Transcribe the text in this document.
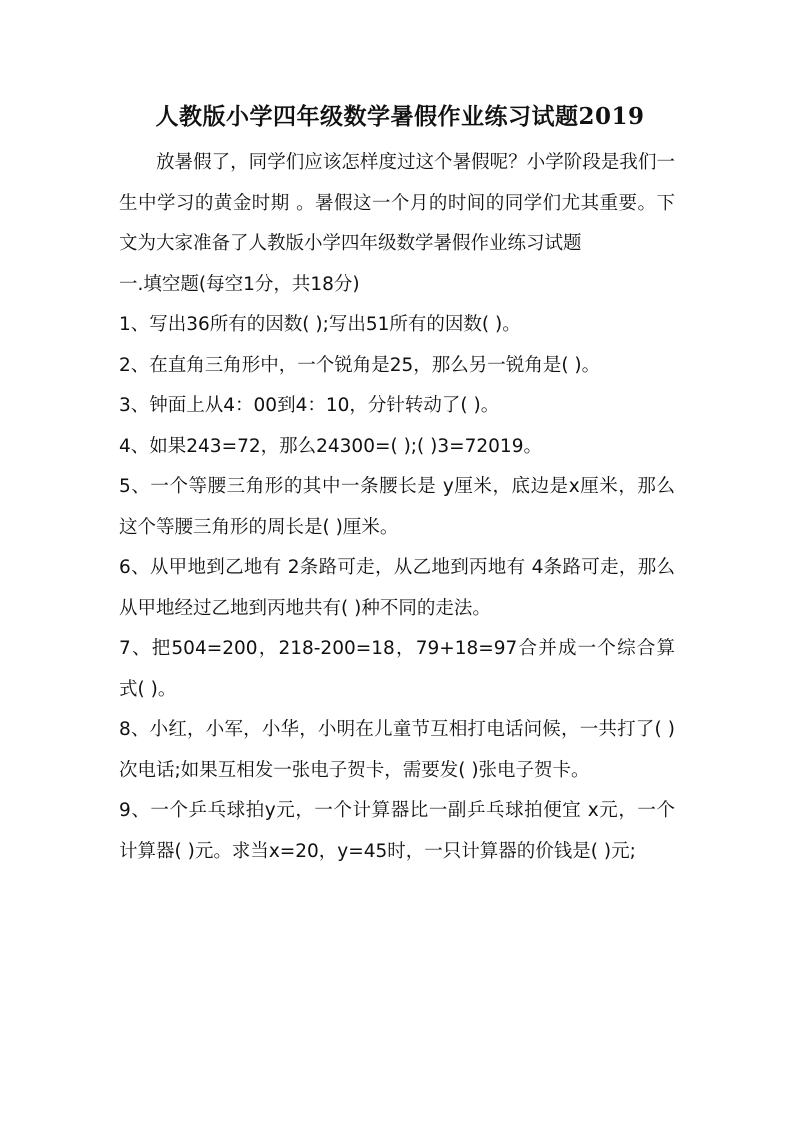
人教版小学四年级数学暑假作业练习试题2019

放暑假了，同学们应该怎样度过这个暑假呢？小学阶段是我们一 生中学习的黄金时期 。暑假这一个月的时间的同学们尤其重要。下文为大家准备了人教版小学四年级数学暑假作业练习试题

一.填空题(每空1分，共18分)

1、写出36所有的因数( );写出51所有的因数( )。

2、在直角三角形中，一个锐角是25，那么另一锐角是( )。

3、钟面上从4：00到4：10，分针转动了( )。

4、如果243=72，那么24300=( );( )3=72019。

5、一个等腰三角形的其中一条腰长是 y厘米，底边是x厘米，那么这个等腰三角形的周长是( )厘米。

6、从甲地到乙地有 2条路可走，从乙地到丙地有 4条路可走，那么从甲地经过乙地到丙地共有( )种不同的走法。

7、把504=200，218-200=18，79+18=97合并成一个综合算式( )。

8、小红，小军，小华，小明在儿童节互相打电话问候，一共打了( )次电话;如果互相发一张电子贺卡，需要发( )张电子贺卡。

9、一个乒乓球拍y元，一个计算器比一副乒乓球拍便宜 x元，一个计算器( )元。求当x=20，y=45时，一只计算器的价钱是( )元;
